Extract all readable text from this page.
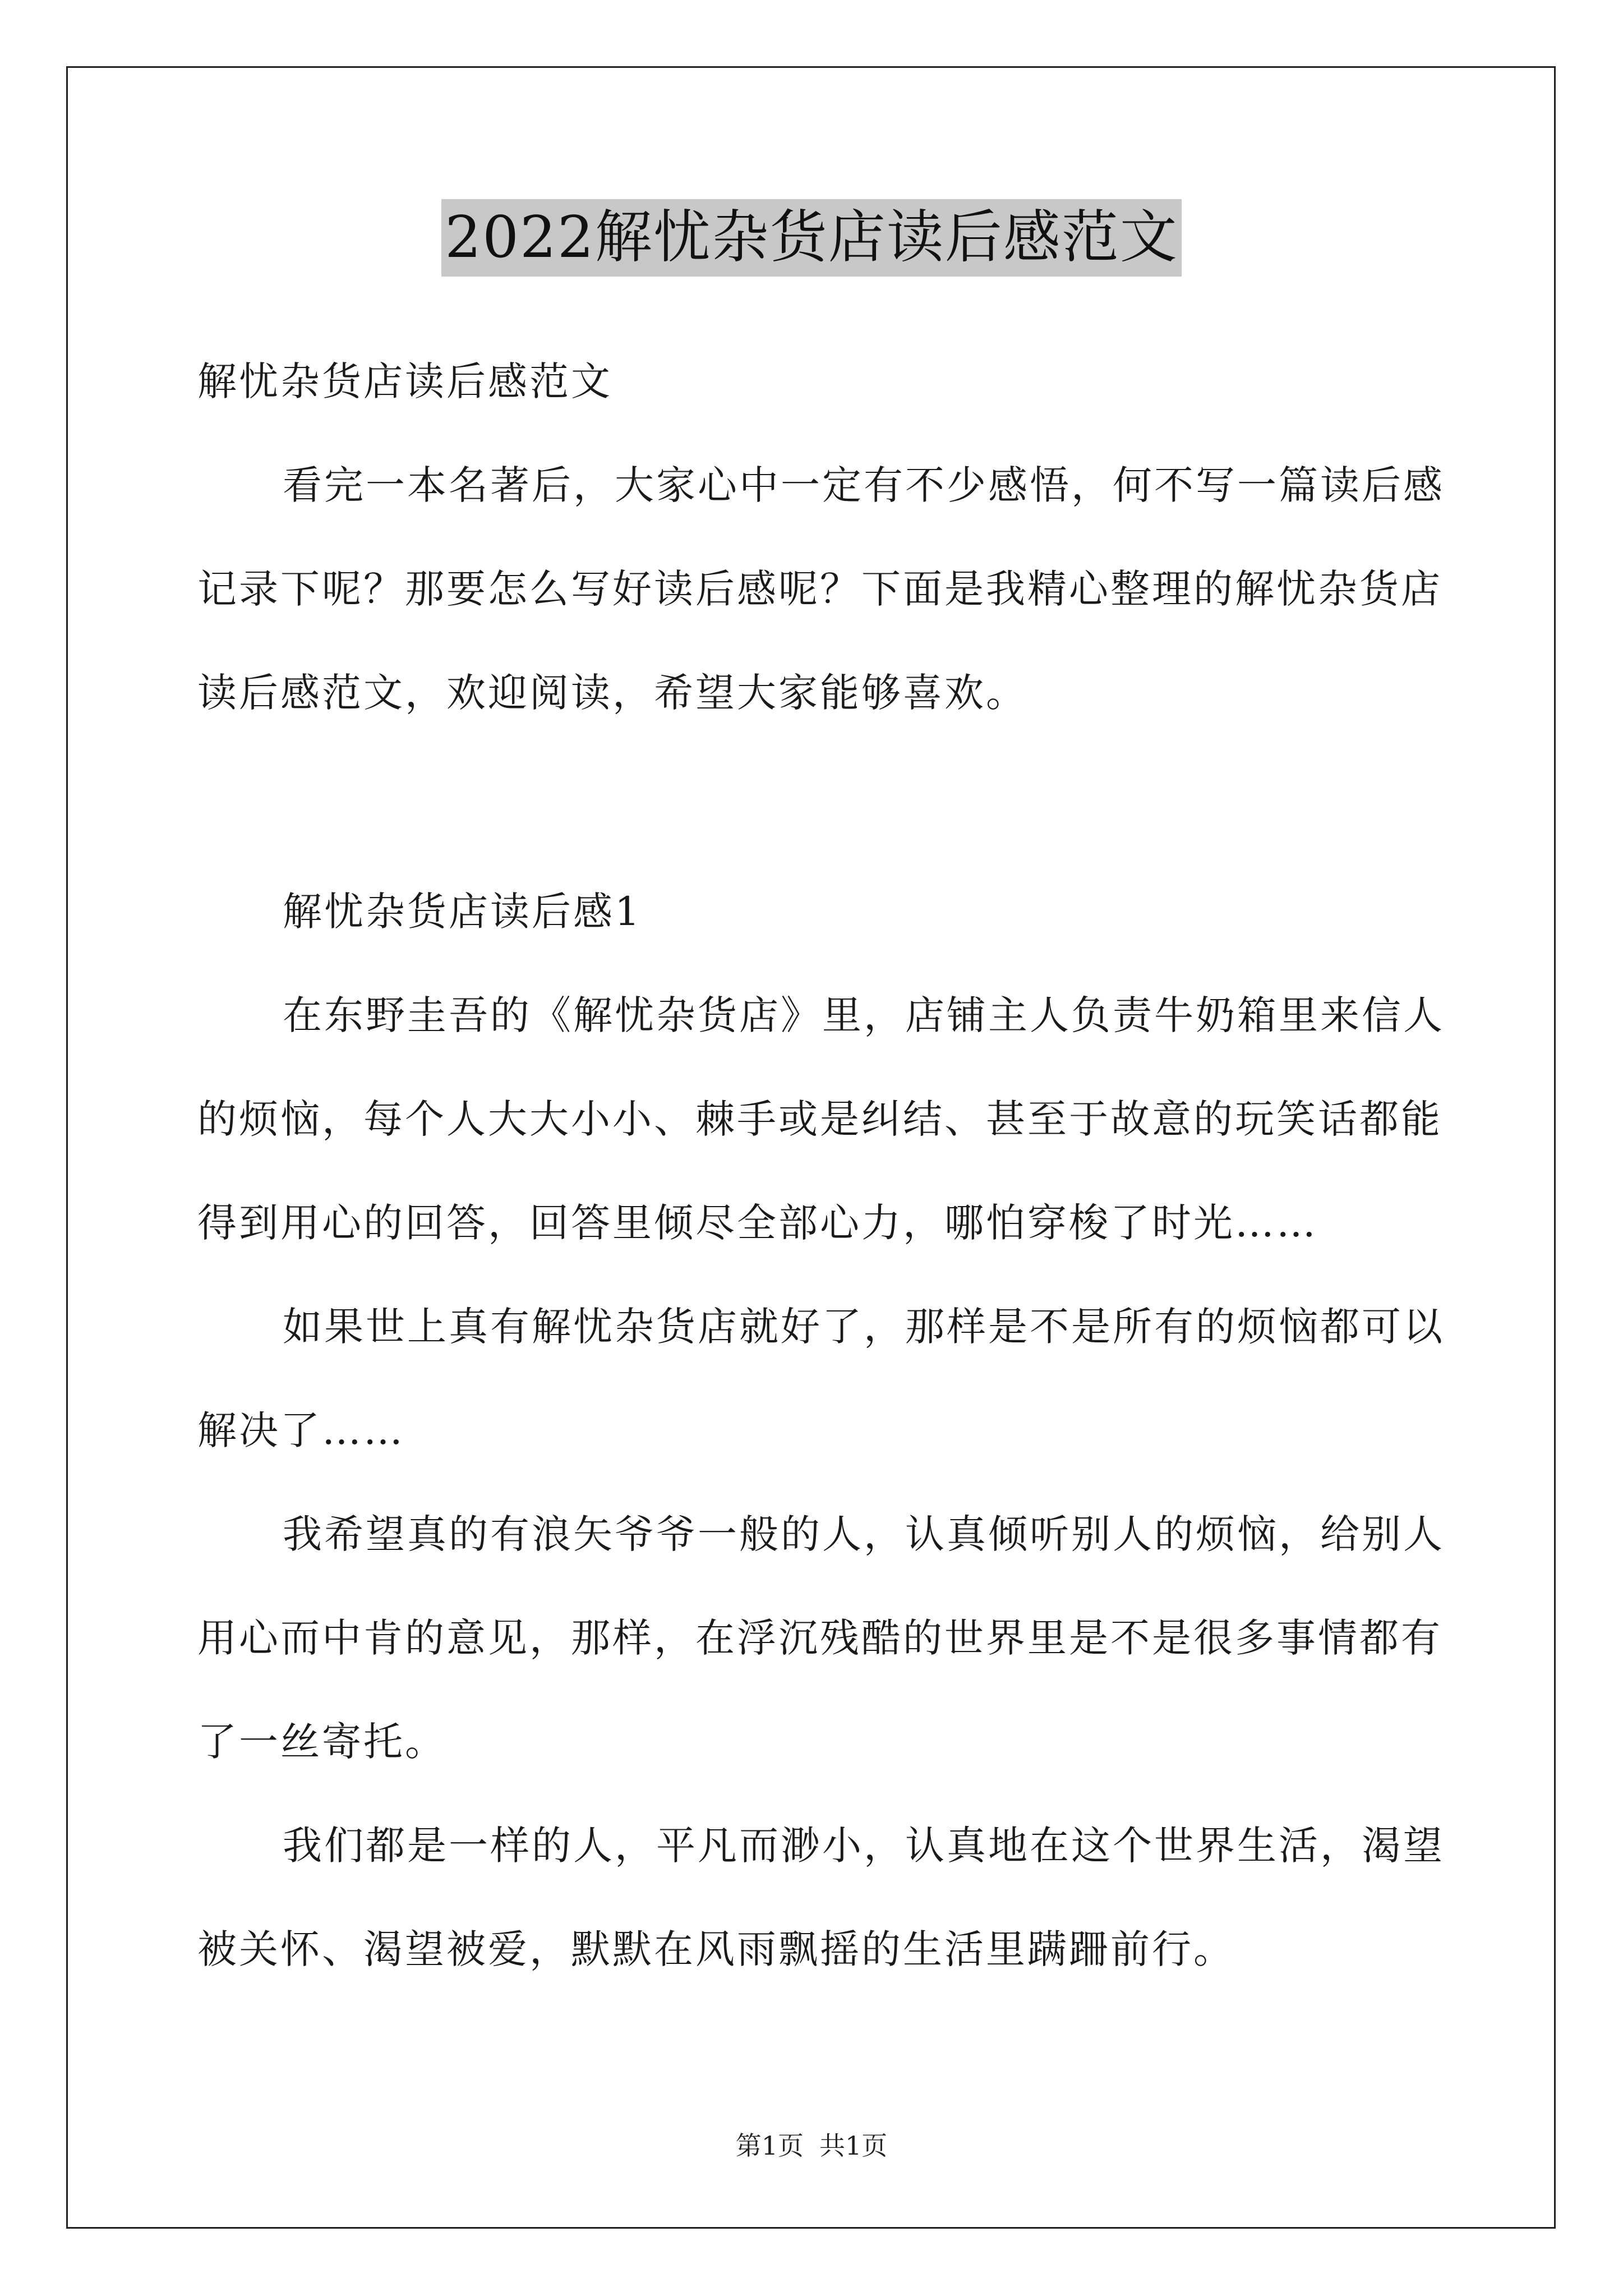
2022解忧杂货店读后感范文
解忧杂货店读后感范文
看完一本名著后，大家心中一定有不少感悟，何不写一篇读后感
记录下呢？那要怎么写好读后感呢？下面是我精心整理的解忧杂货店
读后感范文，欢迎阅读，希望大家能够喜欢。
解忧杂货店读后感1
在东野圭吾的《解忧杂货店》里，店铺主人负责牛奶箱里来信人
的烦恼，每个人大大小小、棘手或是纠结、甚至于故意的玩笑话都能
得到用心的回答，回答里倾尽全部心力，哪怕穿梭了时光……
如果世上真有解忧杂货店就好了，那样是不是所有的烦恼都可以
解决了……
我希望真的有浪矢爷爷一般的人，认真倾听别人的烦恼，给别人
用心而中肯的意见，那样，在浮沉残酷的世界里是不是很多事情都有
了一丝寄托。
我们都是一样的人，平凡而渺小，认真地在这个世界生活，渴望
被关怀、渴望被爱，默默在风雨飘摇的生活里蹒跚前行。
第1页 共1页
